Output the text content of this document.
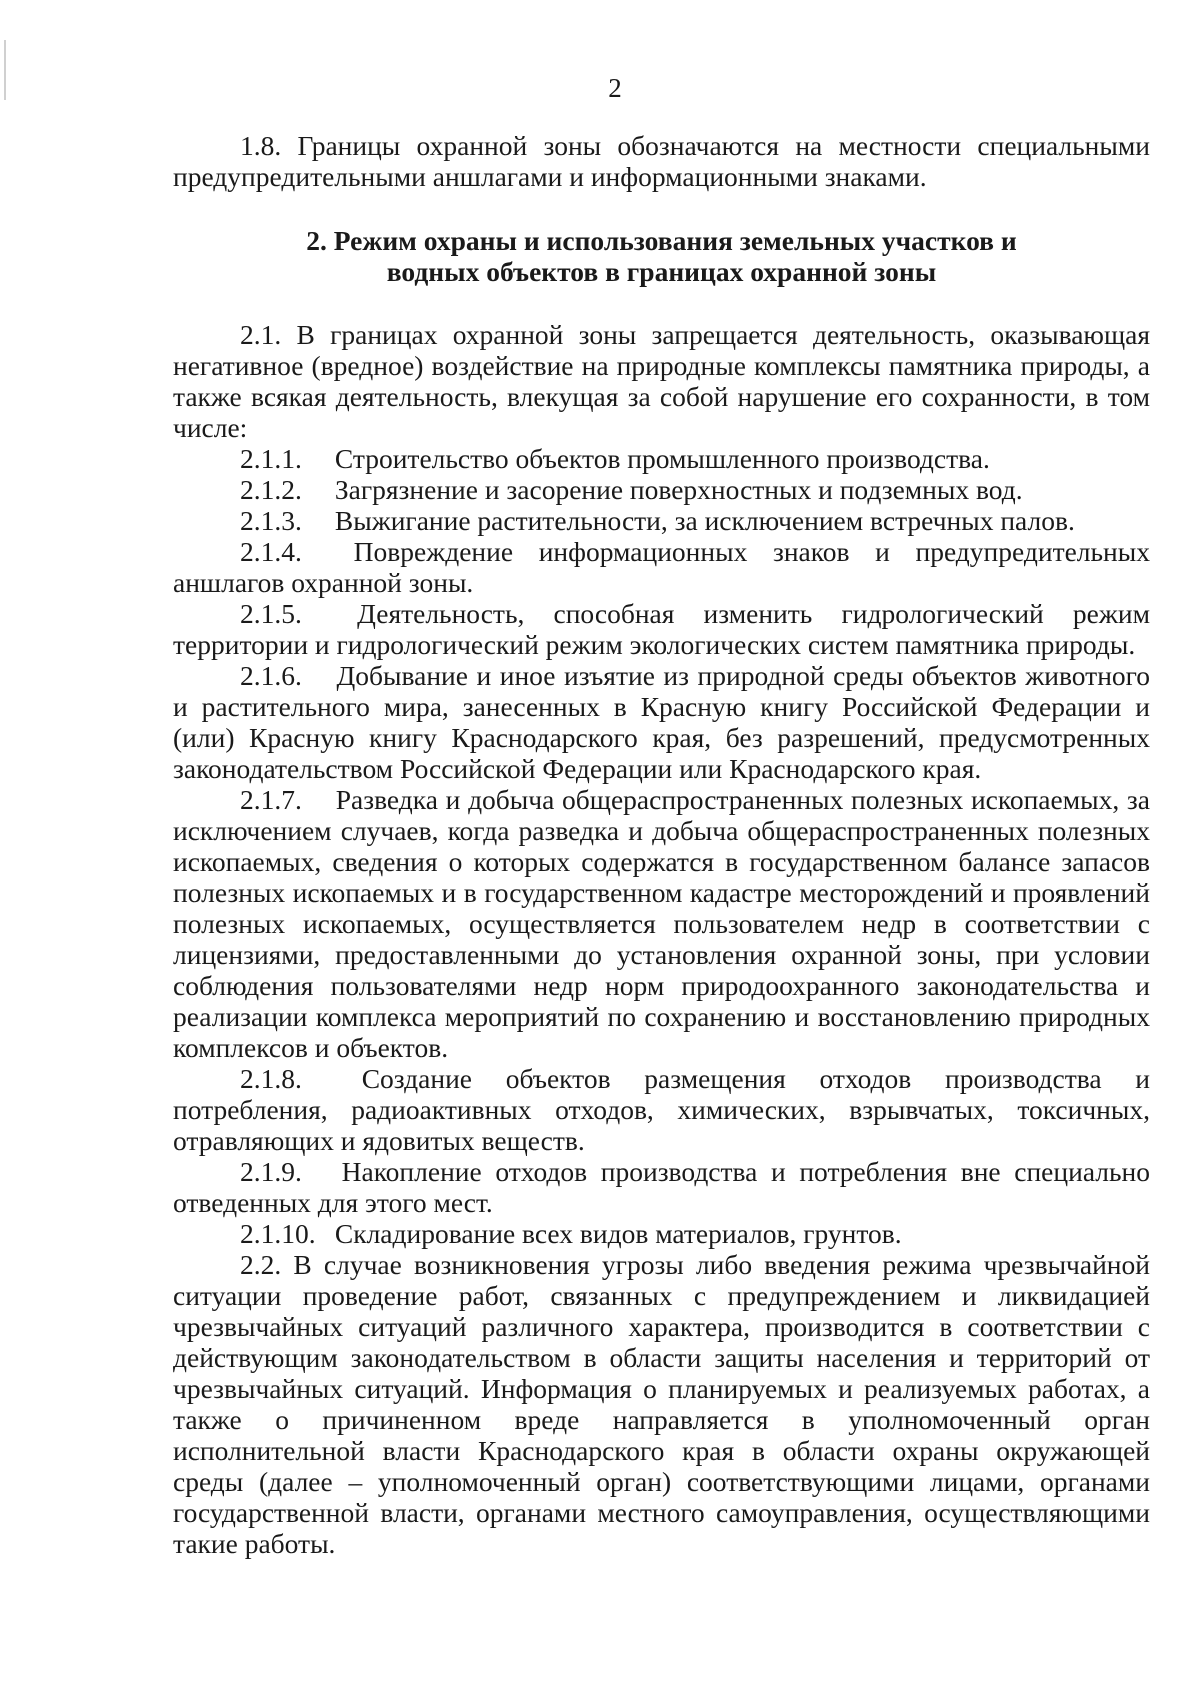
2

1.8. Границы охранной зоны обозначаются на местности специальными предупредительными аншлагами и информационными знаками.

2. Режим охраны и использования земельных участков и

водных объектов в границах охранной зоны

2.1. В границах охранной зоны запрещается деятельность, оказывающая негативное (вредное) воздействие на природные комплексы памятника природы, а также всякая деятельность, влекущая за собой нарушение его сохранности, в том числе:

2.1.1. Строительство объектов промышленного производства.

2.1.2. Загрязнение и засорение поверхностных и подземных вод.

2.1.3. Выжигание растительности, за исключением встречных палов.

2.1.4. Повреждение информационных знаков и предупредительных аншлагов охранной зоны.

2.1.5. Деятельность, способная изменить гидрологический режим территории и гидрологический режим экологических систем памятника природы.

2.1.6. Добывание и иное изъятие из природной среды объектов животного и растительного мира, занесенных в Красную книгу Российской Федерации и (или) Красную книгу Краснодарского края, без разрешений, предусмотренных законодательством Российской Федерации или Краснодарского края.

2.1.7. Разведка и добыча общераспространенных полезных ископаемых, за исключением случаев, когда разведка и добыча общераспространенных полезных ископаемых, сведения о которых содержатся в государственном балансе запасов полезных ископаемых и в государственном кадастре месторождений и проявлений полезных ископаемых, осуществляется пользователем недр в соответствии с лицензиями, предоставленными до установления охранной зоны, при условии соблюдения пользователями недр норм природоохранного законодательства и реализации комплекса мероприятий по сохранению и восстановлению природных комплексов и объектов.

2.1.8. Создание объектов размещения отходов производства и потребления, радиоактивных отходов, химических, взрывчатых, токсичных, отравляющих и ядовитых веществ.

2.1.9. Накопление отходов производства и потребления вне специально отведенных для этого мест.

2.1.10. Складирование всех видов материалов, грунтов.

2.2. В случае возникновения угрозы либо введения режима чрезвычайной ситуации проведение работ, связанных с предупреждением и ликвидацией чрезвычайных ситуаций различного характера, производится в соответствии с действующим законодательством в области защиты населения и территорий от чрезвычайных ситуаций. Информация о планируемых и реализуемых работах, а также о причиненном вреде направляется в уполномоченный орган исполнительной власти Краснодарского края в области охраны окружающей среды (далее – уполномоченный орган) соответствующими лицами, органами государственной власти, органами местного самоуправления, осуществляющими такие работы.
